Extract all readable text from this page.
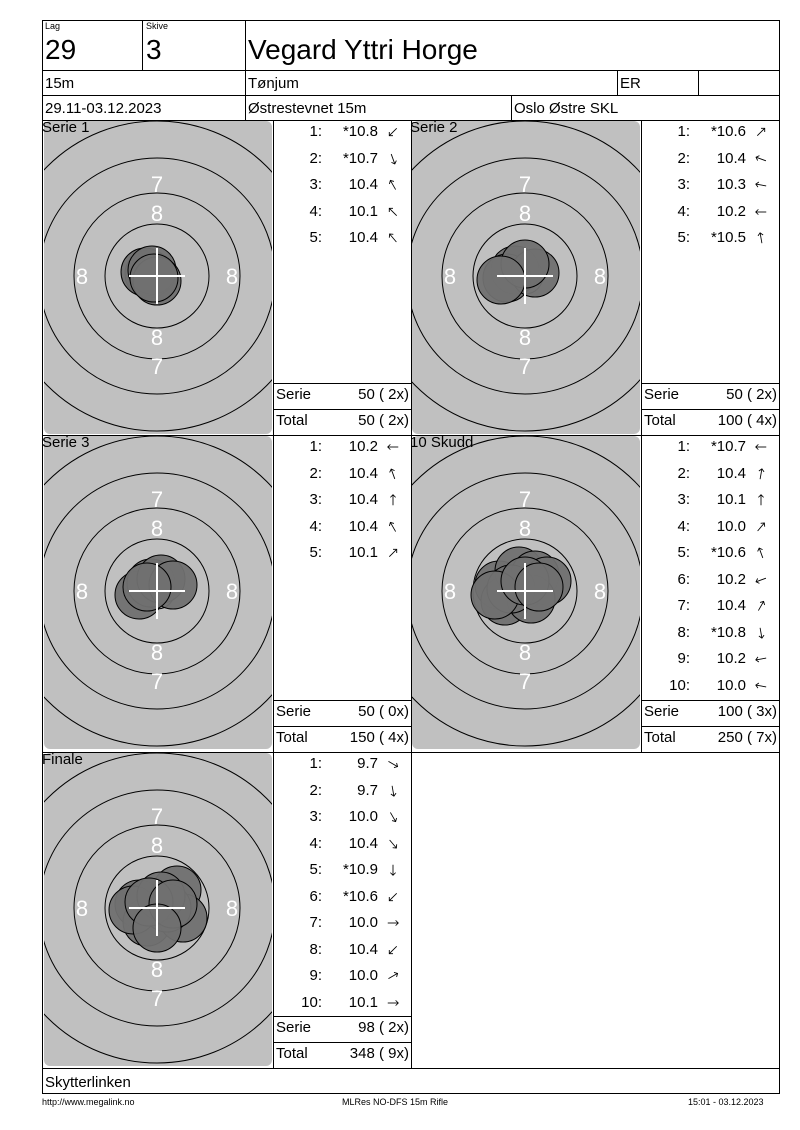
Lag
29
Skive
3	Vegard Yttri Horge
15m	Tønjum	ER
29.11-03.12.2023	Østrestevnet 15m	Oslo Østre SKL
7
8
8
7
8	8
Serie 1	1:	*10.8
2:	*10.7
3:	10.4
4:	10.1
5:	10.4
Serie	50 ( 2x)
Total	50 ( 2x)
7
8
8
7
8	8
Serie 2	1:	*10.6
2:	10.4
3:	10.3
4:	10.2
5:	*10.5
Serie	50 ( 2x)
Total	100 ( 4x)
7
8
8
7
8	8
Serie 3	1:	10.2
2:	10.4
3:	10.4
4:	10.4
5:	10.1
Serie	50 ( 0x)
Total	150 ( 4x)
7
8
8
7
8	8
10 Skudd	1:	*10.7
2:	10.4
3:	10.1
4:	10.0
5:	*10.6
6:	10.2
7:	10.4
8:	*10.8
9:	10.2
10:	10.0
Serie	100 ( 3x)
Total	250 ( 7x)
7
8
8
7
8	8
Finale	1:	9.7
2:	9.7
3:	10.0
4:	10.4
5:	*10.9
6:	*10.6
7:	10.0
8:	10.4
9:	10.0
10:	10.1
Serie	98 ( 2x)
Total	348 ( 9x)
Skytterlinken
http://www.megalink.no	MLRes NO-DFS 15m Rifle	15:01 - 03.12.2023
